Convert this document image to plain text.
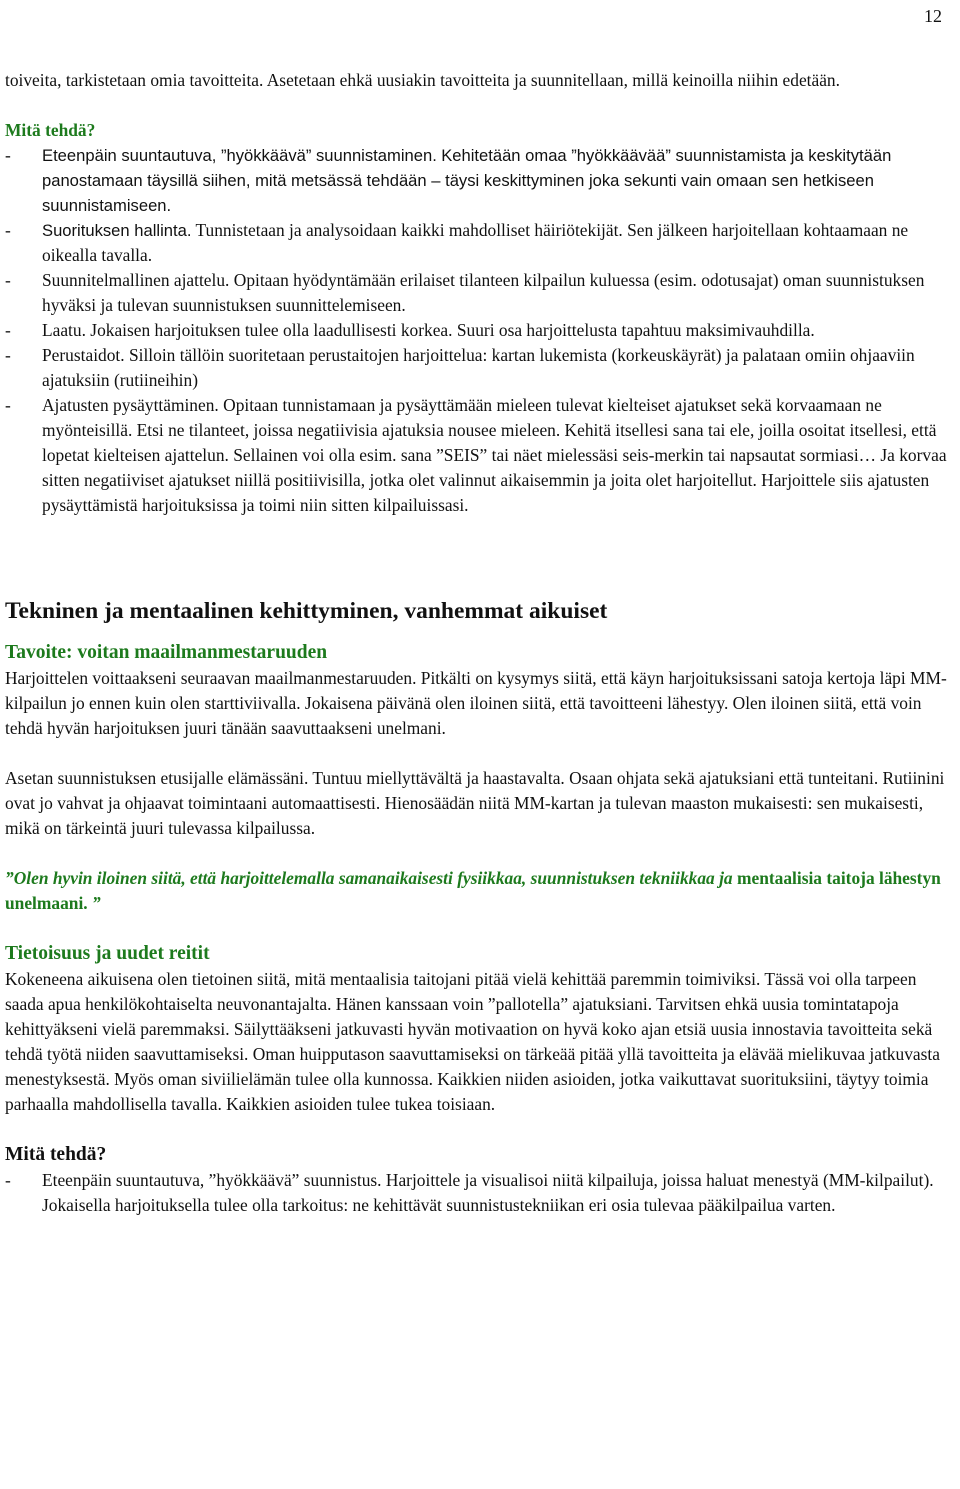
12

toiveita, tarkistetaan omia tavoitteita. Asetetaan ehkä uusiakin tavoitteita ja suunnitellaan, millä keinoilla niihin edetään.

Mitä tehdä?

- Eteenpäin suuntautuva, ”hyökkäävä” suunnistaminen. Kehitetään omaa ”hyökkäävää” suunnistamista ja keskitytään panostamaan täysillä siihen, mitä metsässä tehdään – täysi keskittyminen joka sekunti vain omaan sen hetkiseen suunnistamiseen.
- Suorituksen hallinta. Tunnistetaan ja analysoidaan kaikki mahdolliset häiriötekijät. Sen jälkeen harjoitellaan kohtaamaan ne oikealla tavalla.
- Suunnitelmallinen ajattelu. Opitaan hyödyntämään erilaiset tilanteen kilpailun kuluessa (esim. odotusajat) oman suunnistuksen hyväksi ja tulevan suunnistuksen suunnittelemiseen.
- Laatu. Jokaisen harjoituksen tulee olla laadullisesti korkea. Suuri osa harjoittelusta tapahtuu maksimivauhdilla.
- Perustaidot. Silloin tällöin suoritetaan perustaitojen harjoittelua: kartan lukemista (korkeuskäyrät) ja palataan omiin ohjaaviin ajatuksiin (rutiineihin)
- Ajatusten pysäyttäminen. Opitaan tunnistamaan ja pysäyttämään mieleen tulevat kielteiset ajatukset sekä korvaamaan ne myönteisillä. Etsi ne tilanteet, joissa negatiivisia ajatuksia nousee mieleen. Kehitä itsellesi sana tai ele, joilla osoitat itsellesi, että lopetat kielteisen ajattelun. Sellainen voi olla esim. sana ”SEIS” tai näet mielessäsi seis-merkin tai napsautat sormiasi… Ja korvaa sitten negatiiviset ajatukset niillä positiivisilla, jotka olet valinnut aikaisemmin ja joita olet harjoitellut. Harjoittele siis ajatusten pysäyttämistä harjoituksissa ja toimi niin sitten kilpailuissasi.

Tekninen ja mentaalinen kehittyminen, vanhemmat aikuiset

Tavoite: voitan maailmanmestaruuden

Harjoittelen voittaakseni seuraavan maailmanmestaruuden. Pitkälti on kysymys siitä, että käyn harjoituksissani satoja kertoja läpi MM-kilpailun jo ennen kuin olen starttiviivalla. Jokaisena päivänä olen iloinen siitä, että tavoitteeni lähestyy. Olen iloinen siitä, että voin tehdä hyvän harjoituksen juuri tänään saavuttaakseni unelmani.

Asetan suunnistuksen etusijalle elämässäni. Tuntuu miellyttävältä ja haastavalta. Osaan ohjata sekä ajatuksiani että tunteitani. Rutiinini ovat jo vahvat ja ohjaavat toimintaani automaattisesti. Hienosäädän niitä MM-kartan ja tulevan maaston mukaisesti: sen mukaisesti, mikä on tärkeintä juuri tulevassa kilpailussa.

”Olen hyvin iloinen siitä, että harjoittelemalla samanaikaisesti fysiikkaa, suunnistuksen tekniikkaa ja mentaalisia taitoja lähestyn unelmaani. ”

Tietoisuus ja uudet reitit

Kokeneena aikuisena olen tietoinen siitä, mitä mentaalisia taitojani pitää vielä kehittää paremmin toimiviksi. Tässä voi olla tarpeen saada apua henkilökohtaiselta neuvonantajalta. Hänen kanssaan voin ”pallotella” ajatuksiani. Tarvitsen ehkä uusia tomintatapoja kehittyäkseni vielä paremmaksi. Säilyttääkseni jatkuvasti hyvän motivaation on hyvä koko ajan etsiä uusia innostavia tavoitteita sekä tehdä työtä niiden saavuttamiseksi. Oman huipputason saavuttamiseksi on tärkeää pitää yllä tavoitteita ja elävää mielikuvaa jatkuvasta menestyksestä. Myös oman siviilielämän tulee olla kunnossa. Kaikkien niiden asioiden, jotka vaikuttavat suorituksiini, täytyy toimia parhaalla mahdollisella tavalla. Kaikkien asioiden tulee tukea toisiaan.

Mitä tehdä?

- Eteenpäin suuntautuva, ”hyökkäävä” suunnistus. Harjoittele ja visualisoi niitä kilpailuja, joissa haluat menestyä (MM-kilpailut). Jokaisella harjoituksella tulee olla tarkoitus: ne kehittävät suunnistustekniikan eri osia tulevaa pääkilpailua varten.
